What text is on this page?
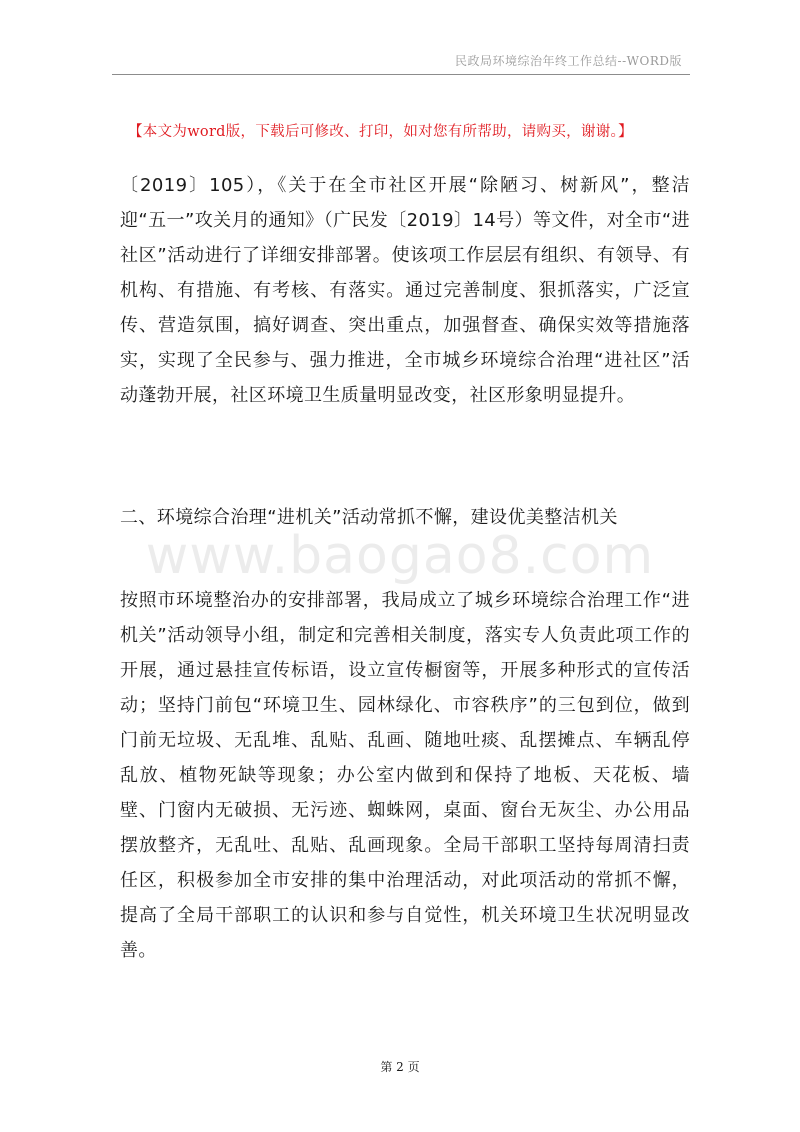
民政局环境综治年终工作总结--WORD版
【本文为word版，下载后可修改、打印，如对您有所帮助，请购买，谢谢。】
〔2019〕105），《关于在全市社区开展“除陋习、树新风”，整洁迎“五一”攻关月的通知》（广民发〔2019〕14号）等文件，对全市“进社区”活动进行了详细安排部署。使该项工作层层有组织、有领导、有机构、有措施、有考核、有落实。通过完善制度、狠抓落实，广泛宣传、营造氛围，搞好调查、突出重点，加强督查、确保实效等措施落实，实现了全民参与、强力推进，全市城乡环境综合治理“进社区”活动蓬勃开展，社区环境卫生质量明显改变，社区形象明显提升。
二、环境综合治理“进机关”活动常抓不懈，建设优美整洁机关
www.baogao8.com
按照市环境整治办的安排部署，我局成立了城乡环境综合治理工作“进机关”活动领导小组，制定和完善相关制度，落实专人负责此项工作的开展，通过悬挂宣传标语，设立宣传橱窗等，开展多种形式的宣传活动；坚持门前包“环境卫生、园林绿化、市容秩序”的三包到位，做到门前无垃圾、无乱堆、乱贴、乱画、随地吐痰、乱摆摊点、车辆乱停乱放、植物死缺等现象；办公室内做到和保持了地板、天花板、墙壁、门窗内无破损、无污迹、蜘蛛网，桌面、窗台无灰尘、办公用品摆放整齐，无乱吐、乱贴、乱画现象。全局干部职工坚持每周清扫责任区，积极参加全市安排的集中治理活动，对此项活动的常抓不懈，提高了全局干部职工的认识和参与自觉性，机关环境卫生状况明显改善。
第 2 页
